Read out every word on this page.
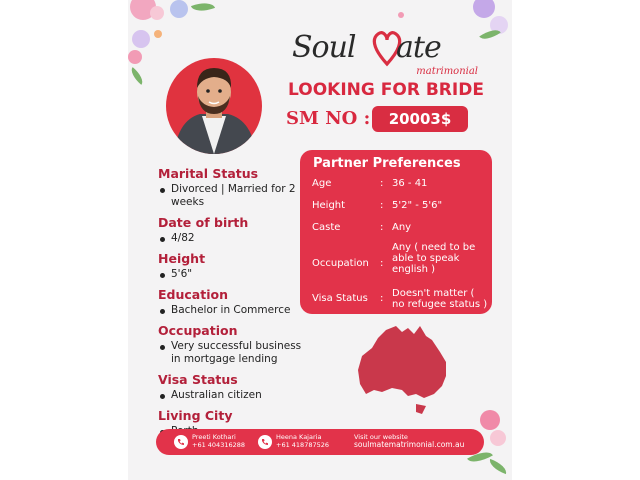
Soul ate
matrimonial
LOOKING FOR BRIDE
SM NO :	20003$
Marital Status
Divorced | Married for 2 weeks
Date of birth
4/82
Height
5'6"
Education
Bachelor in Commerce
Occupation
Very successful business in mortgage lending
Visa Status
Australian citizen
Living City
Partner Preferences
Age	: 36 - 41
Height	: 5'2" - 5'6"
Caste	: Any
Occupation	:
Any ( need to be able to speak english )
Visa Status	: Doesn't matter ( no refugee status )
Preeti Kothari
+61 404316288
Heena Kajaria
+61 418787526
Visit our website
soulmatematrimonial.com.au
